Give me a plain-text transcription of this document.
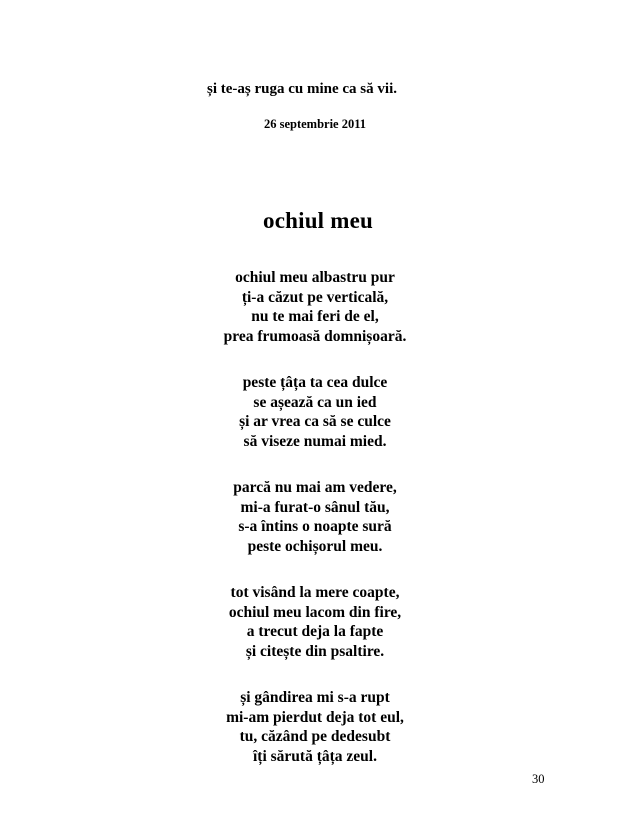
și te-aș ruga cu mine ca să vii.
26 septembrie 2011
ochiul meu
ochiul meu albastru pur
ți-a căzut pe verticală,
nu te mai feri de el,
prea frumoasă domnișoară.
peste țâța ta cea dulce
se așează ca un ied
și ar vrea ca să se culce
să viseze numai mied.
parcă nu mai am vedere,
mi-a furat-o sânul tău,
s-a întins o noapte sură
peste ochișorul meu.
tot visând la mere coapte,
ochiul meu lacom din fire,
a trecut deja la fapte
și citește din psaltire.
și gândirea mi s-a rupt
mi-am pierdut deja tot eul,
tu, căzând pe dedesubt
îți sărută țâța zeul.
30
